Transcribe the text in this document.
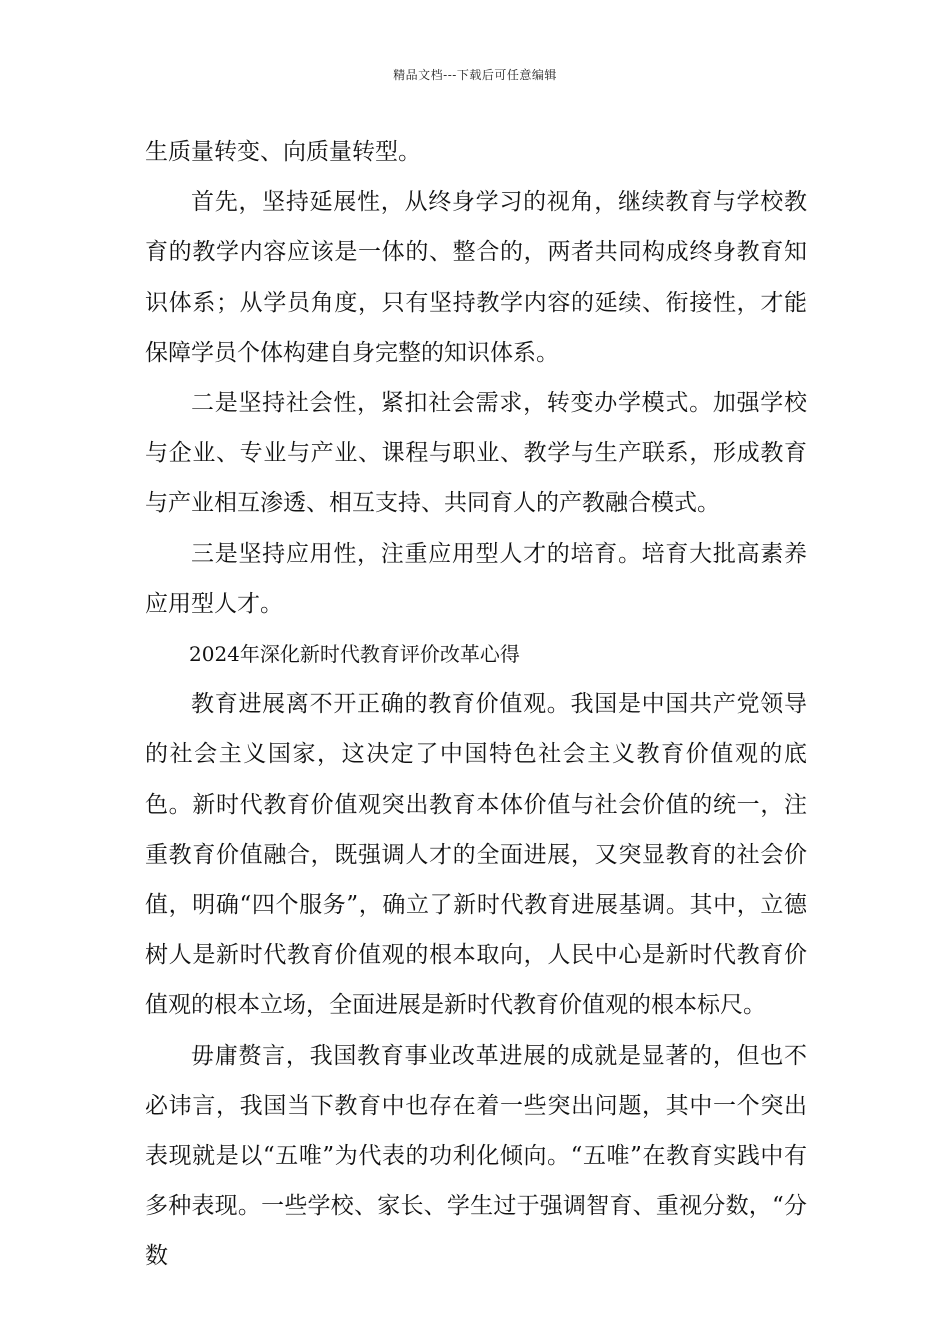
精品文档---下载后可任意编辑

生质量转变、向质量转型。

首先，坚持延展性，从终身学习的视角，继续教育与学校教育的教学内容应该是一体的、整合的，两者共同构成终身教育知识体系；从学员角度，只有坚持教学内容的延续、衔接性，才能保障学员个体构建自身完整的知识体系。

二是坚持社会性，紧扣社会需求，转变办学模式。加强学校与企业、专业与产业、课程与职业、教学与生产联系，形成教育与产业相互渗透、相互支持、共同育人的产教融合模式。

三是坚持应用性，注重应用型人才的培育。培育大批高素养应用型人才。

2024年深化新时代教育评价改革心得

教育进展离不开正确的教育价值观。我国是中国共产党领导的社会主义国家，这决定了中国特色社会主义教育价值观的底色。新时代教育价值观突出教育本体价值与社会价值的统一，注重教育价值融合，既强调人才的全面进展，又突显教育的社会价值，明确“四个服务”，确立了新时代教育进展基调。其中，立德树人是新时代教育价值观的根本取向，人民中心是新时代教育价值观的根本立场，全面进展是新时代教育价值观的根本标尺。

毋庸赘言，我国教育事业改革进展的成就是显著的，但也不必讳言，我国当下教育中也存在着一些突出问题，其中一个突出表现就是以“五唯”为代表的功利化倾向。“五唯”在教育实践中有多种表现。一些学校、家长、学生过于强调智育、重视分数，“分数
